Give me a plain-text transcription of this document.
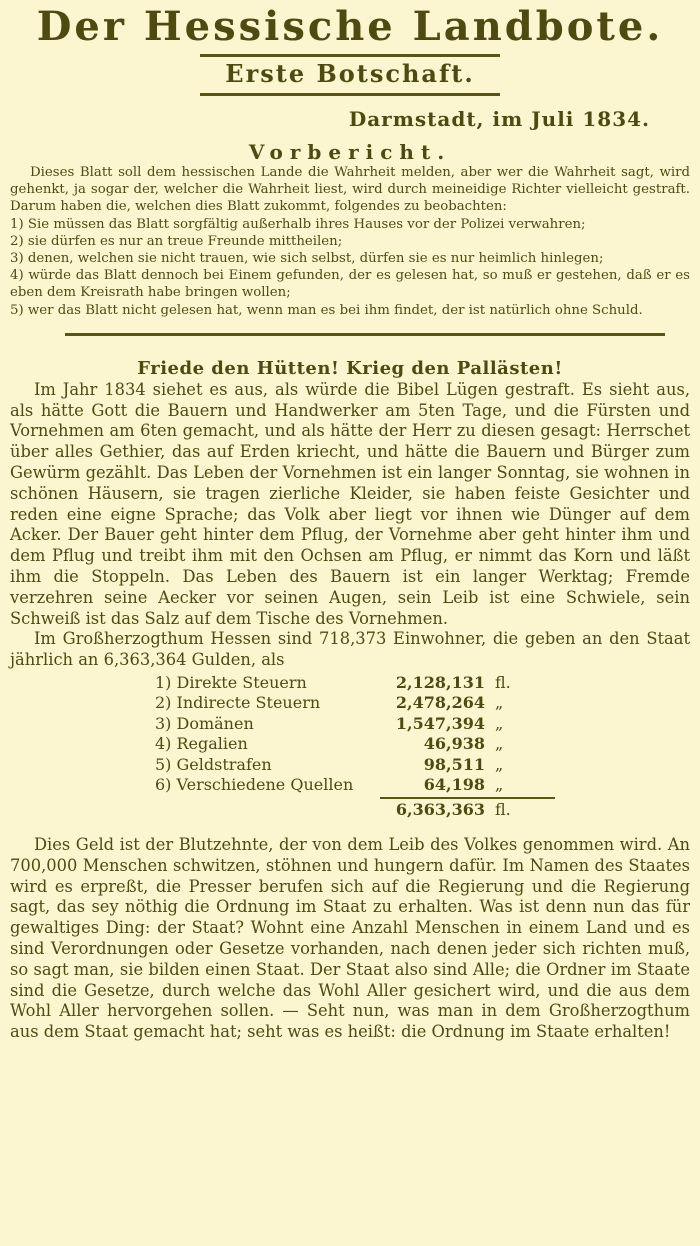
Der Hessische Landbote.
Erste Botschaft.
Darmstadt, im Juli 1834.
Vorbericht.

Dieses Blatt soll dem hessischen Lande die Wahrheit melden, aber wer die Wahrheit sagt, wird gehenkt, ja sogar der, welcher die Wahrheit liest, wird durch meineidige Richter vielleicht gestraft. Darum haben die, welchen dies Blatt zukommt, folgendes zu beobachten:

1) Sie müssen das Blatt sorgfältig außerhalb ihres Hauses vor der Polizei verwahren;
2) sie dürfen es nur an treue Freunde mittheilen;
3) denen, welchen sie nicht trauen, wie sich selbst, dürfen sie es nur heimlich hinlegen;
4) würde das Blatt dennoch bei Einem gefunden, der es gelesen hat, so muß er gestehen, daß er es eben dem Kreisrath habe bringen wollen;
5) wer das Blatt nicht gelesen hat, wenn man es bei ihm findet, der ist natürlich ohne Schuld.
Friede den Hütten! Krieg den Pallästen!

Im Jahr 1834 siehet es aus, als würde die Bibel Lügen gestraft. Es sieht aus, als hätte Gott die Bauern und Handwerker am 5ten Tage, und die Fürsten und Vornehmen am 6ten gemacht, und als hätte der Herr zu diesen gesagt: Herrschet über alles Gethier, das auf Erden kriecht, und hätte die Bauern und Bürger zum Gewürm gezählt. Das Leben der Vornehmen ist ein langer Sonntag, sie wohnen in schönen Häusern, sie tragen zierliche Kleider, sie haben feiste Gesichter und reden eine eigne Sprache; das Volk aber liegt vor ihnen wie Dünger auf dem Acker. Der Bauer geht hinter dem Pflug, der Vornehme aber geht hinter ihm und dem Pflug und treibt ihm mit den Ochsen am Pflug, er nimmt das Korn und läßt ihm die Stoppeln. Das Leben des Bauern ist ein langer Werktag; Fremde verzehren seine Aecker vor seinen Augen, sein Leib ist eine Schwiele, sein Schweiß ist das Salz auf dem Tische des Vornehmen.

Im Großherzogthum Hessen sind 718,373 Einwohner, die geben an den Staat jährlich an 6,363,364 Gulden, als

1) Direkte Steuern	2,128,131 fl.
2) Indirecte Steuern	2,478,264 „
3) Domänen	1,547,394 „
4) Regalien	46,938 „
5) Geldstrafen	98,511 „
6) Verschiedene Quellen	64,198 „
6,363,363 fl.

Dies Geld ist der Blutzehnte, der von dem Leib des Volkes genommen wird. An 700,000 Menschen schwitzen, stöhnen und hungern dafür. Im Namen des Staates wird es erpreßt, die Presser berufen sich auf die Regierung und die Regierung sagt, das sey nöthig die Ordnung im Staat zu erhalten. Was ist denn nun das für gewaltiges Ding: der Staat? Wohnt eine Anzahl Menschen in einem Land und es sind Verordnungen oder Gesetze vorhanden, nach denen jeder sich richten muß, so sagt man, sie bilden einen Staat. Der Staat also sind Alle; die Ordner im Staate sind die Gesetze, durch welche das Wohl Aller gesichert wird, und die aus dem Wohl Aller hervorgehen sollen. — Seht nun, was man in dem Großherzogthum aus dem Staat gemacht hat; seht was es heißt: die Ordnung im Staate erhalten!
